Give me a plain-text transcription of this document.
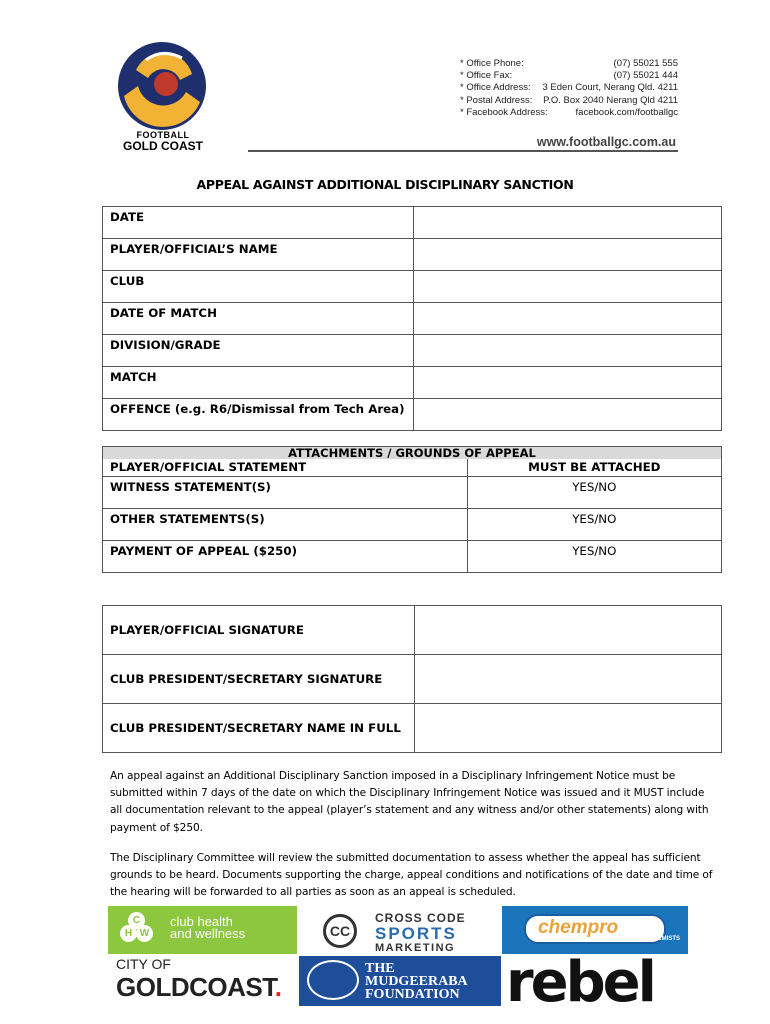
FOOTBALL
GOLD COAST
* Office Phone:	(07) 55021 555
* Office Fax:	(07) 55021 444
* Office Address: 3 Eden Court, Nerang Qld. 4211
* Postal Address: P.O. Box 2040 Nerang Qld 4211
* Facebook Address:	facebook.com/footballgc
www.footballgc.com.au
APPEAL AGAINST ADDITIONAL DISCIPLINARY SANCTION
DATE	
PLAYER/OFFICIAL’S NAME	
CLUB	
DATE OF MATCH	
DIVISION/GRADE	
MATCH	
OFFENCE (e.g. R6/Dismissal from Tech Area)	
ATTACHMENTS / GROUNDS OF APPEAL	
PLAYER/OFFICIAL STATEMENT	MUST BE ATTACHED
WITNESS STATEMENT(S)	YES/NO
OTHER STATEMENTS(S)	YES/NO
PAYMENT OF APPEAL ($250)	YES/NO
PLAYER/OFFICIAL SIGNATURE	
CLUB PRESIDENT/SECRETARY SIGNATURE	
CLUB PRESIDENT/SECRETARY NAME IN FULL	
An appeal against an Additional Disciplinary Sanction imposed in a Disciplinary Infringement Notice must be submitted within 7 days of the date on which the Disciplinary Infringement Notice was issued and it MUST include all documentation relevant to the appeal (player’s statement and any witness and/or other statements) along with payment of $250.
The Disciplinary Committee will review the submitted documentation to assess whether the appeal has sufficient grounds to be heard. Documents supporting the charge, appeal conditions and notifications of the date and time of the hearing will be forwarded to all parties as soon as an appeal is scheduled.
C
H W
club health
and wellness	CC
CROSS CODE
SPORTS
MARKETING
chempro
CHEMISTS
CITY OF
GOLDCOAST.
THE
MUDGEERABA
FOUNDATION rebel
